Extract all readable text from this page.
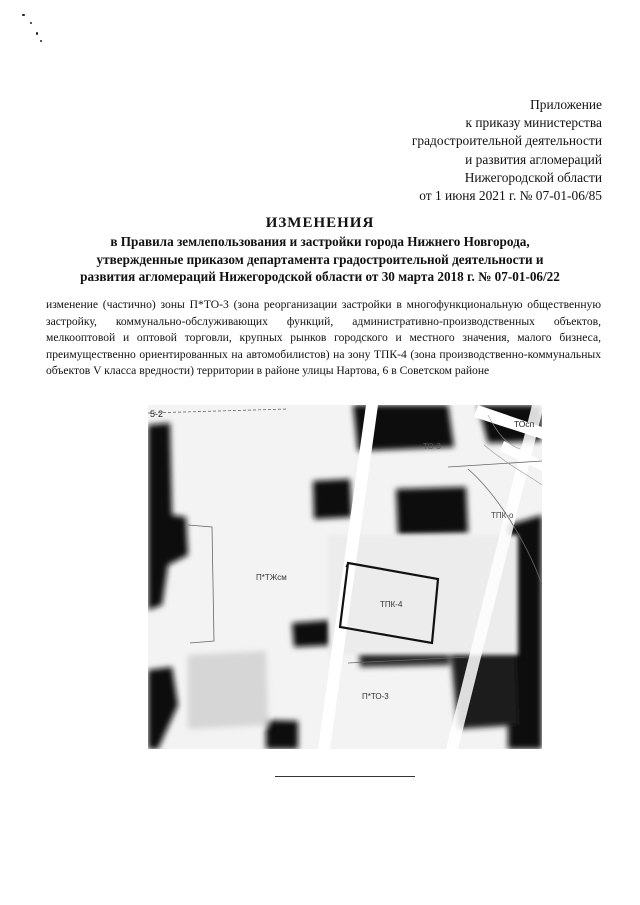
Приложение
к приказу министерства
градостроительной деятельности
и развития агломераций
Нижегородской области
от 1 июня 2021 г. № 07-01-06/85
ИЗМЕНЕНИЯ
в Правила землепользования и застройки города Нижнего Новгорода,
утвержденные приказом департамента градостроительной деятельности и
развития агломераций Нижегородской области от 30 марта 2018 г. № 07-01-06/22
изменение (частично) зоны П*ТО-3 (зона реорганизации застройки в многофункциональную общественную застройку, коммунально-обслуживающих функций, административно-производственных объектов, мелкооптовой и оптовой торговли, крупных рынков городского и местного значения, малого бизнеса, преимущественно ориентированных на автомобилистов) на зону ТПК-4 (зона производственно-коммунальных объектов V класса вредности) территории в районе улицы Нартова, 6 в Советском районе
5-2
ТО-3
ТОсп
ТПК-о
П*ТЖсм
ТПК-4
П*ТО-3
